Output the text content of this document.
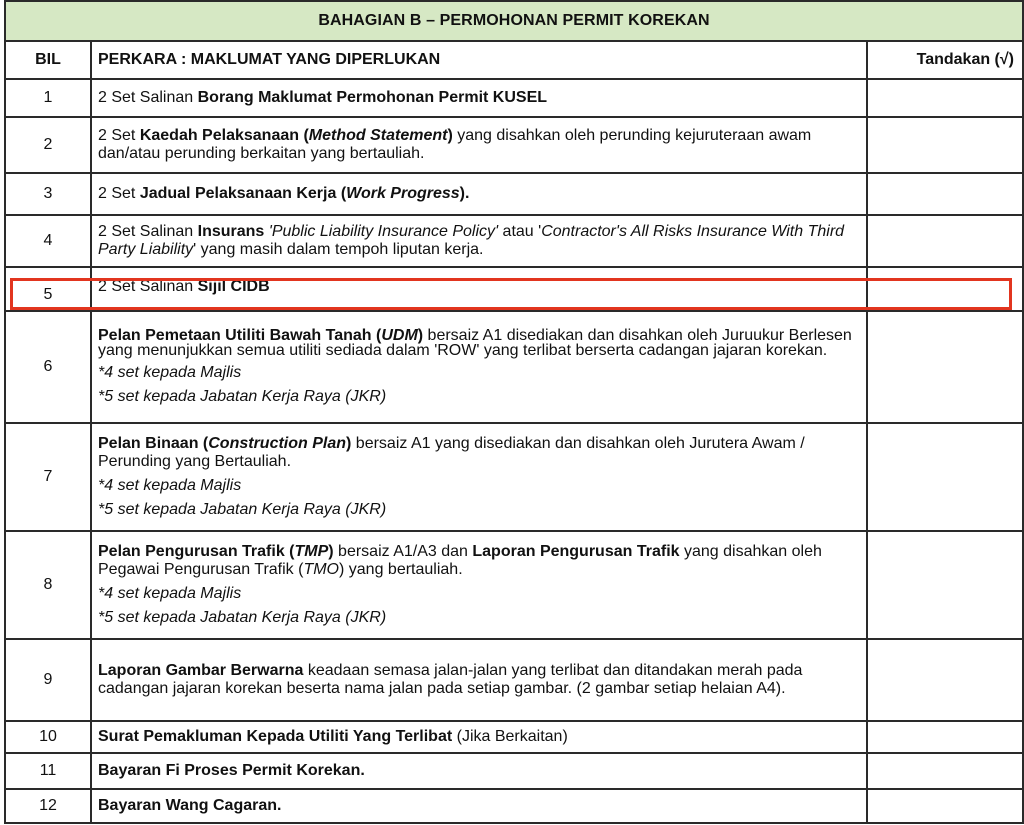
BAHAGIAN B – PERMOHONAN PERMIT KOREKAN		
BIL	PERKARA : MAKLUMAT YANG DIPERLUKAN	Tandakan (√)
1	2 Set Salinan Borang Maklumat Permohonan Permit KUSEL	
2	2 Set Kaedah Pelaksanaan (Method Statement) yang disahkan oleh perunding kejuruteraan awam dan/atau perunding berkaitan yang bertauliah.	
3	2 Set Jadual Pelaksanaan Kerja (Work Progress).	
4	2 Set Salinan Insurans 'Public Liability Insurance Policy' atau 'Contractor's All Risks Insurance With Third Party Liability' yang masih dalam tempoh liputan kerja.	
5	2 Set Salinan Sijil CIDB	
6	Pelan Pemetaan Utiliti Bawah Tanah (UDM) bersaiz A1 disediakan dan disahkan oleh Juruukur Berlesen yang menunjukkan semua utiliti sediada dalam 'ROW' yang terlibat berserta cadangan jajaran korekan.
*4 set kepada Majlis
*5 set kepada Jabatan Kerja Raya (JKR)	

7	Pelan Binaan (Construction Plan) bersaiz A1 yang disediakan dan disahkan oleh Jurutera Awam / Perunding yang Bertauliah.
*4 set kepada Majlis
*5 set kepada Jabatan Kerja Raya (JKR)	

8	Pelan Pengurusan Trafik (TMP) bersaiz A1/A3 dan Laporan Pengurusan Trafik yang disahkan oleh Pegawai Pengurusan Trafik (TMO) yang bertauliah.
*4 set kepada Majlis
*5 set kepada Jabatan Kerja Raya (JKR)	

9	Laporan Gambar Berwarna keadaan semasa jalan-jalan yang terlibat dan ditandakan merah pada cadangan jajaran korekan beserta nama jalan pada setiap gambar. (2 gambar setiap helaian A4).	
10	Surat Pemakluman Kepada Utiliti Yang Terlibat (Jika Berkaitan)	
11	Bayaran Fi Proses Permit Korekan.	
12	Bayaran Wang Cagaran.	
